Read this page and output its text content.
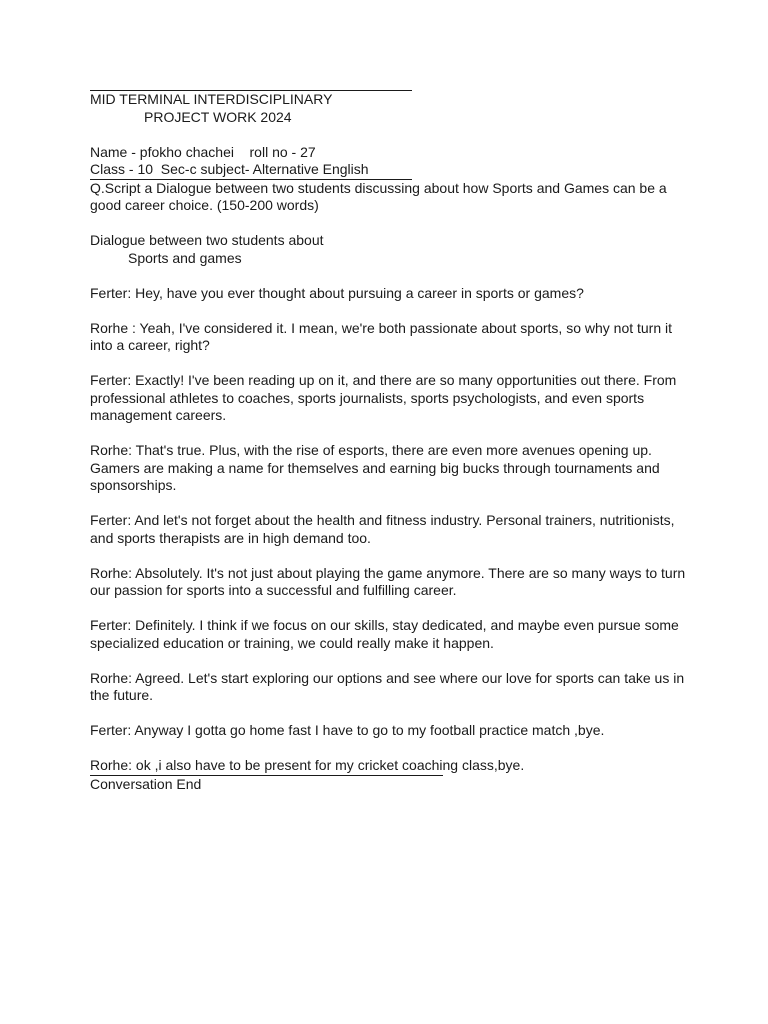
MID TERMINAL INTERDISCIPLINARY

PROJECT WORK 2024

Name - pfokho chachei    roll no - 27

Class - 10  Sec-c subject- Alternative English

Q.Script a Dialogue between two students discussing about how Sports and Games can be a good career choice. (150-200 words)

Dialogue between two students about

Sports and games

Ferter: Hey, have you ever thought about pursuing a career in sports or games?

Rorhe : Yeah, I've considered it. I mean, we're both passionate about sports, so why not turn it into a career, right?

Ferter: Exactly! I've been reading up on it, and there are so many opportunities out there. From professional athletes to coaches, sports journalists, sports psychologists, and even sports management careers.

Rorhe: That's true. Plus, with the rise of esports, there are even more avenues opening up. Gamers are making a name for themselves and earning big bucks through tournaments and sponsorships.

Ferter: And let's not forget about the health and fitness industry. Personal trainers, nutritionists, and sports therapists are in high demand too.

Rorhe: Absolutely. It's not just about playing the game anymore. There are so many ways to turn our passion for sports into a successful and fulfilling career.

Ferter: Definitely. I think if we focus on our skills, stay dedicated, and maybe even pursue some specialized education or training, we could really make it happen.

Rorhe: Agreed. Let's start exploring our options and see where our love for sports can take us in the future.

Ferter: Anyway I gotta go home fast I have to go to my football practice match ,bye.

Rorhe: ok ,i also have to be present for my cricket coaching class,bye.

Conversation End
